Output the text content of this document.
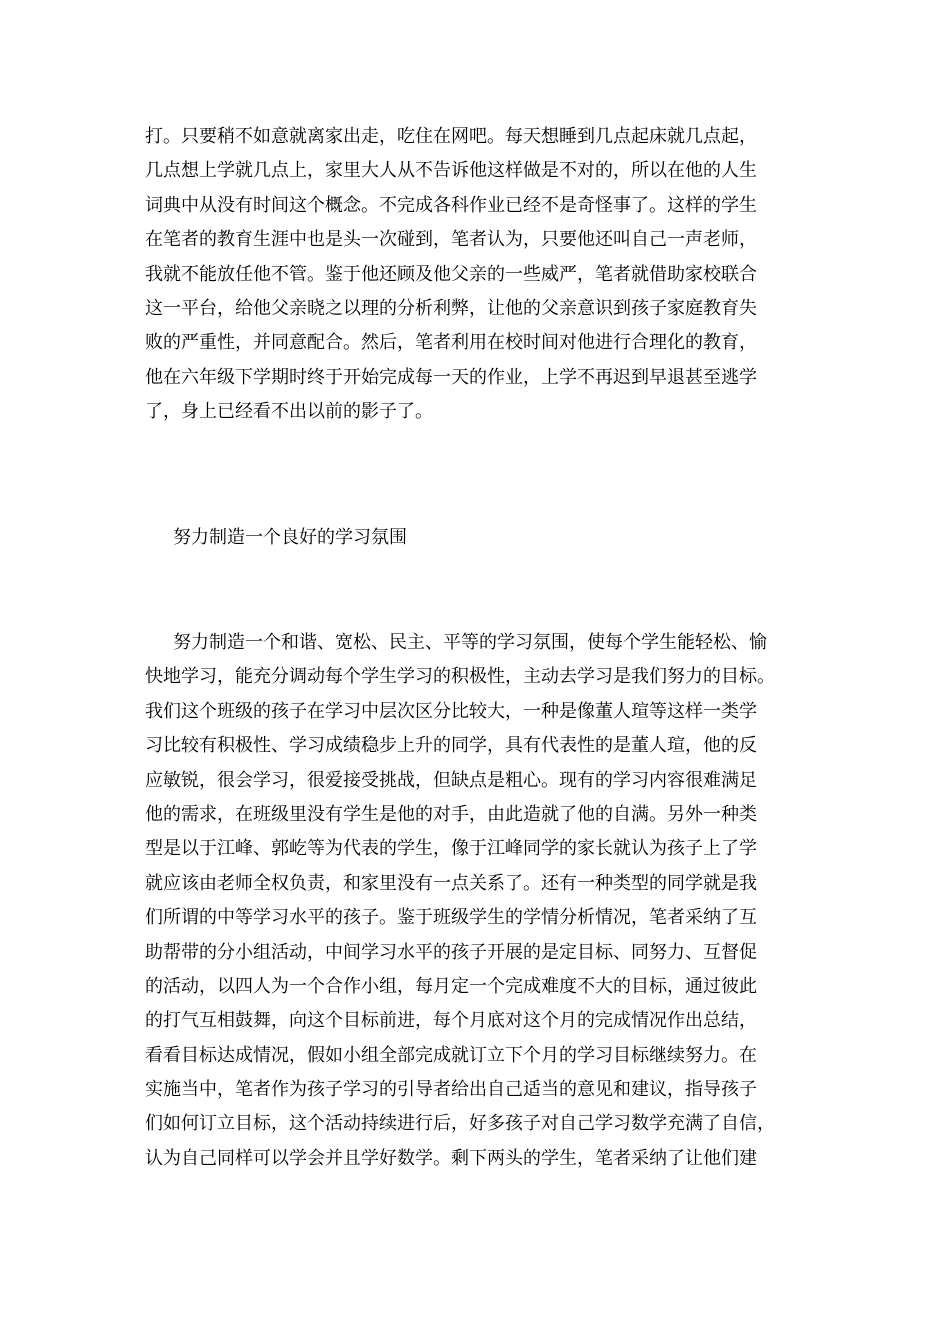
打。只要稍不如意就离家出走，吃住在网吧。每天想睡到几点起床就几点起，
几点想上学就几点上，家里大人从不告诉他这样做是不对的，所以在他的人生
词典中从没有时间这个概念。不完成各科作业已经不是奇怪事了。这样的学生
在笔者的教育生涯中也是头一次碰到，笔者认为，只要他还叫自己一声老师，
我就不能放任他不管。鉴于他还顾及他父亲的一些威严，笔者就借助家校联合
这一平台，给他父亲晓之以理的分析利弊，让他的父亲意识到孩子家庭教育失
败的严重性，并同意配合。然后，笔者利用在校时间对他进行合理化的教育，
他在六年级下学期时终于开始完成每一天的作业，上学不再迟到早退甚至逃学
了，身上已经看不出以前的影子了。
努力制造一个良好的学习氛围
努力制造一个和谐、宽松、民主、平等的学习氛围，使每个学生能轻松、愉
快地学习，能充分调动每个学生学习的积极性，主动去学习是我们努力的目标。
我们这个班级的孩子在学习中层次区分比较大，一种是像董人瑄等这样一类学
习比较有积极性、学习成绩稳步上升的同学，具有代表性的是董人瑄，他的反
应敏锐，很会学习，很爱接受挑战，但缺点是粗心。现有的学习内容很难满足
他的需求，在班级里没有学生是他的对手，由此造就了他的自满。另外一种类
型是以于江峰、郭屹等为代表的学生，像于江峰同学的家长就认为孩子上了学
就应该由老师全权负责，和家里没有一点关系了。还有一种类型的同学就是我
们所谓的中等学习水平的孩子。鉴于班级学生的学情分析情况，笔者采纳了互
助帮带的分小组活动，中间学习水平的孩子开展的是定目标、同努力、互督促
的活动，以四人为一个合作小组，每月定一个完成难度不大的目标，通过彼此
的打气互相鼓舞，向这个目标前进，每个月底对这个月的完成情况作出总结，
看看目标达成情况，假如小组全部完成就订立下个月的学习目标继续努力。在
实施当中，笔者作为孩子学习的引导者给出自己适当的意见和建议，指导孩子
们如何订立目标，这个活动持续进行后，好多孩子对自己学习数学充满了自信，
认为自己同样可以学会并且学好数学。剩下两头的学生，笔者采纳了让他们建
